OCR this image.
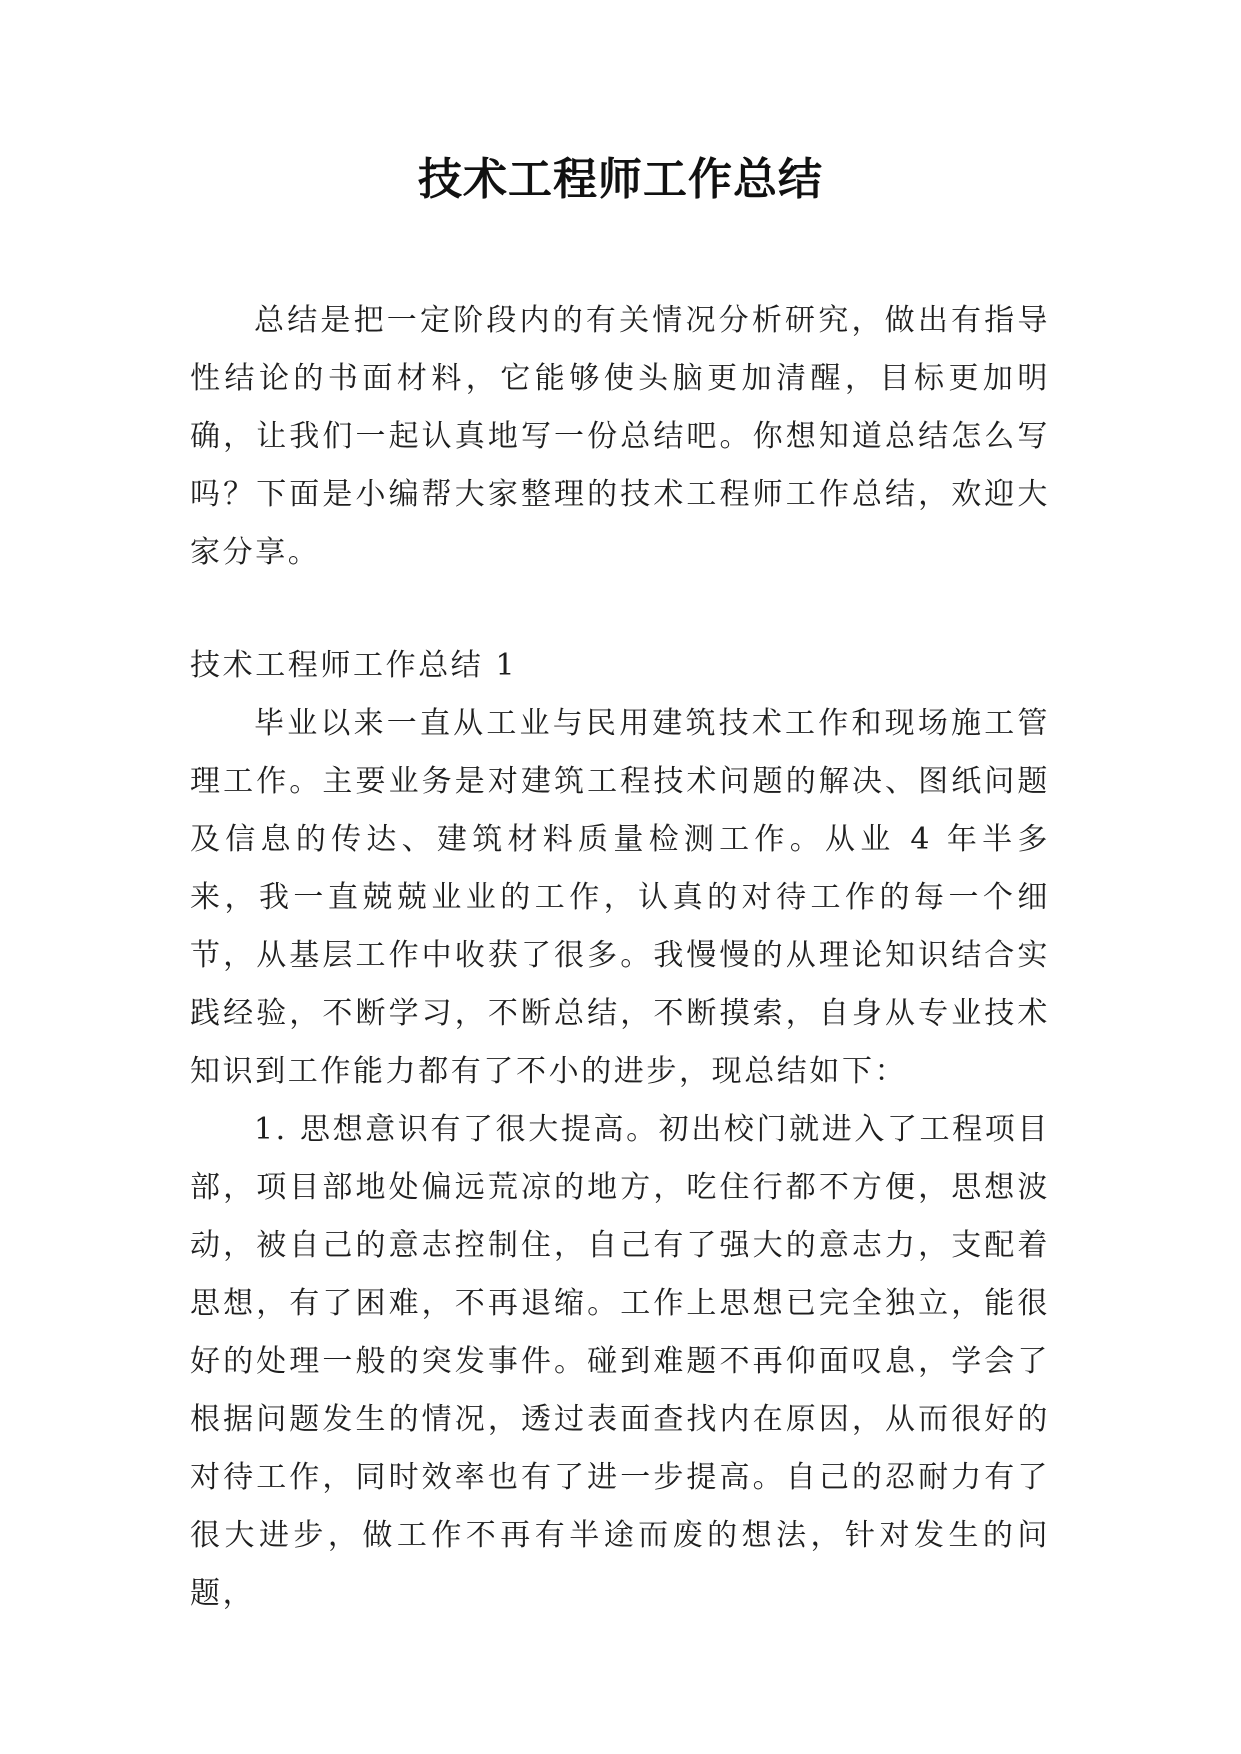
技术工程师工作总结

总结是把一定阶段内的有关情况分析研究，做出有指导性结论的书面材料，它能够使头脑更加清醒，目标更加明确，让我们一起认真地写一份总结吧。你想知道总结怎么写吗？下面是小编帮大家整理的技术工程师工作总结，欢迎大家分享。

技术工程师工作总结 1

毕业以来一直从工业与民用建筑技术工作和现场施工管理工作。主要业务是对建筑工程技术问题的解决、图纸问题及信息的传达、建筑材料质量检测工作。从业 4 年半多来，我一直兢兢业业的工作，认真的对待工作的每一个细节，从基层工作中收获了很多。我慢慢的从理论知识结合实践经验，不断学习，不断总结，不断摸索，自身从专业技术知识到工作能力都有了不小的进步，现总结如下：

1. 思想意识有了很大提高。初出校门就进入了工程项目部，项目部地处偏远荒凉的地方，吃住行都不方便，思想波动，被自己的意志控制住，自己有了强大的意志力，支配着思想，有了困难，不再退缩。工作上思想已完全独立，能很好的处理一般的突发事件。碰到难题不再仰面叹息，学会了根据问题发生的情况，透过表面查找内在原因，从而很好的对待工作，同时效率也有了进一步提高。自己的忍耐力有了很大进步，做工作不再有半途而废的想法，针对发生的问题，
